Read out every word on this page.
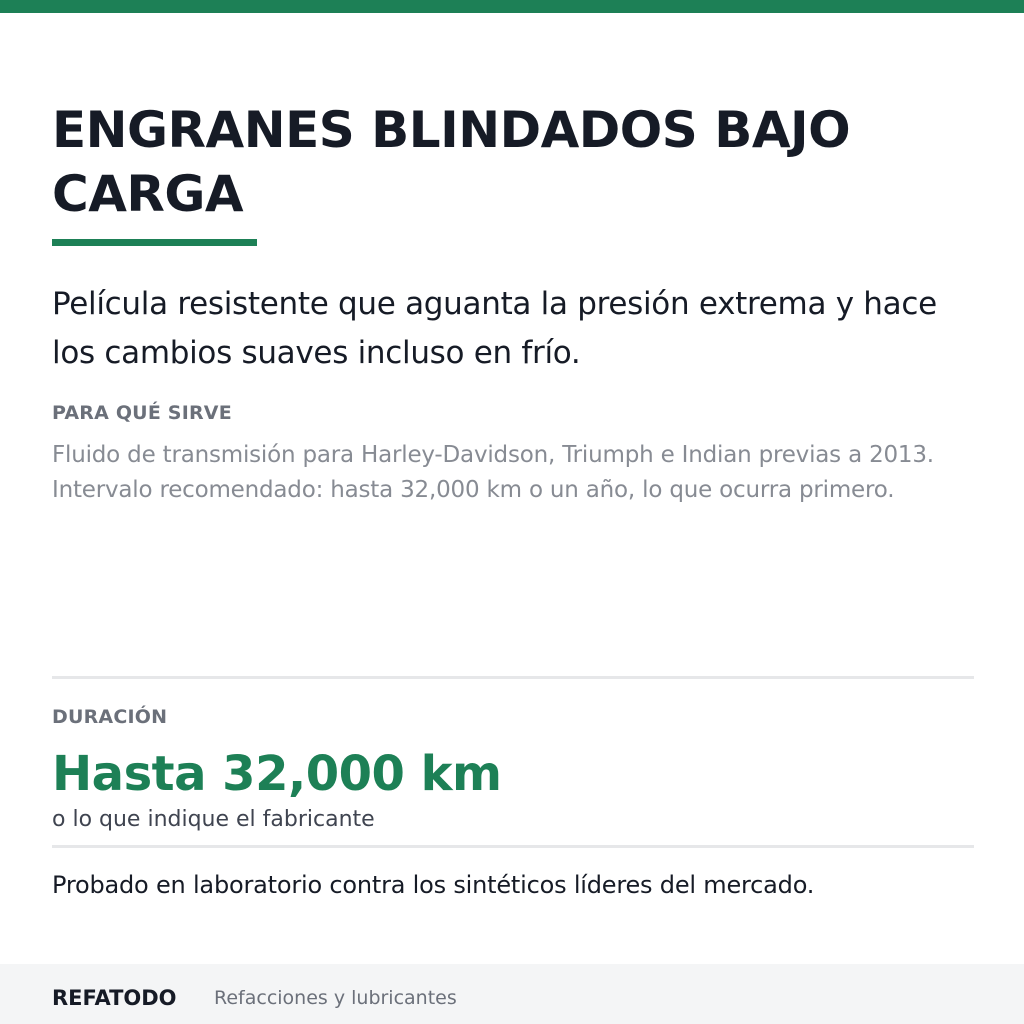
ENGRANES BLINDADOS BAJO CARGA

Película resistente que aguanta la presión extrema y hace los cambios suaves incluso en frío.

PARA QUÉ SIRVE

Fluido de transmisión para Harley-Davidson, Triumph e Indian previas a 2013. Intervalo recomendado: hasta 32,000 km o un año, lo que ocurra primero.

DURACIÓN
Hasta 32,000 km
o lo que indique el fabricante
Probado en laboratorio contra los sintéticos líderes del mercado.
REFATODO Refacciones y lubricantes
